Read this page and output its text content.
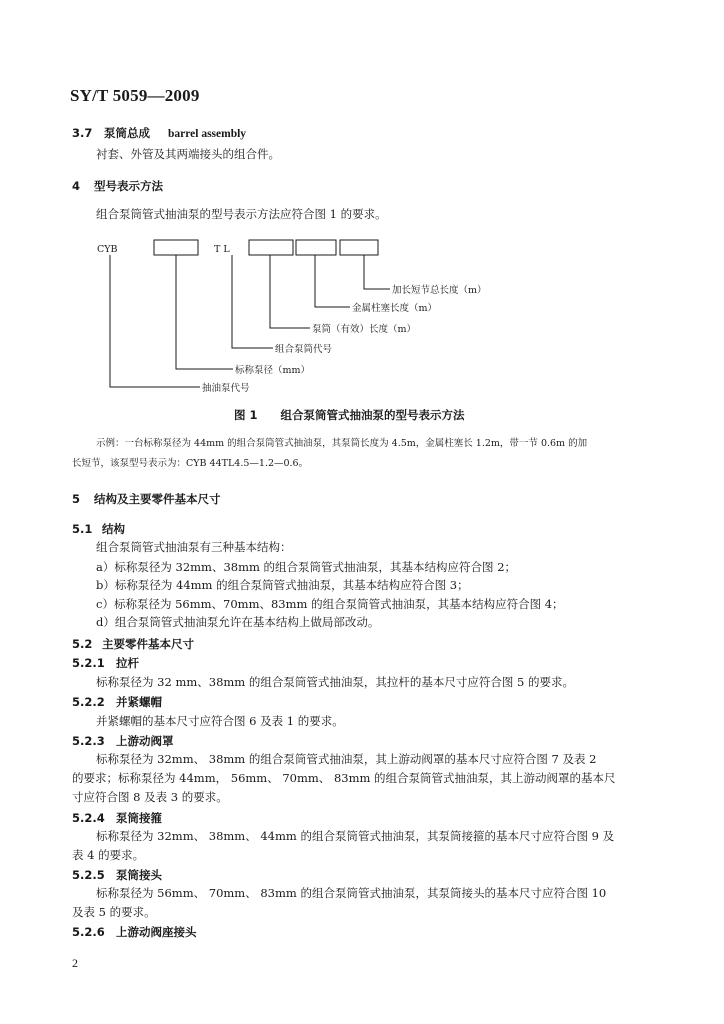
SY/T 5059—2009
3.7 泵筒总成 barrel assembly
衬套、外管及其两端接头的组合件。
4 型号表示方法
组合泵筒管式抽油泵的型号表示方法应符合图 1 的要求。
CYB	T L
加长短节总长度（m）
金属柱塞长度（m）
泵筒（有效）长度（m）
组合泵筒代号
标称泵径（mm）
抽油泵代号
图 1　　组合泵筒管式抽油泵的型号表示方法
示例：一台标称泵径为 44mm 的组合泵筒管式抽油泵，其泵筒长度为 4.5m，金属柱塞长 1.2m，带一节 0.6m 的加
长短节，该泵型号表示为：CYB 44TL4.5—1.2—0.6。
5 结构及主要零件基本尺寸
5.1 结构
组合泵筒管式抽油泵有三种基本结构：
a）标称泵径为 32mm、38mm 的组合泵筒管式抽油泵，其基本结构应符合图 2；
b）标称泵径为 44mm 的组合泵筒管式抽油泵，其基本结构应符合图 3；
c）标称泵径为 56mm、70mm、83mm 的组合泵筒管式抽油泵，其基本结构应符合图 4；
d）组合泵筒管式抽油泵允许在基本结构上做局部改动。
5.2 主要零件基本尺寸
5.2.1 拉杆
标称泵径为 32 mm、38mm 的组合泵筒管式抽油泵，其拉杆的基本尺寸应符合图 5 的要求。
5.2.2 并紧螺帽
并紧螺帽的基本尺寸应符合图 6 及表 1 的要求。
5.2.3 上游动阀罩
标称泵径为 32mm、 38mm 的组合泵筒管式抽油泵，其上游动阀罩的基本尺寸应符合图 7 及表 2
的要求；标称泵径为 44mm， 56mm、 70mm、 83mm 的组合泵筒管式抽油泵，其上游动阀罩的基本尺
寸应符合图 8 及表 3 的要求。
5.2.4 泵筒接箍
标称泵径为 32mm、 38mm、 44mm 的组合泵筒管式抽油泵，其泵筒接箍的基本尺寸应符合图 9 及
表 4 的要求。
5.2.5 泵筒接头
标称泵径为 56mm、 70mm、 83mm 的组合泵筒管式抽油泵，其泵筒接头的基本尺寸应符合图 10
及表 5 的要求。
5.2.6 上游动阀座接头
2
